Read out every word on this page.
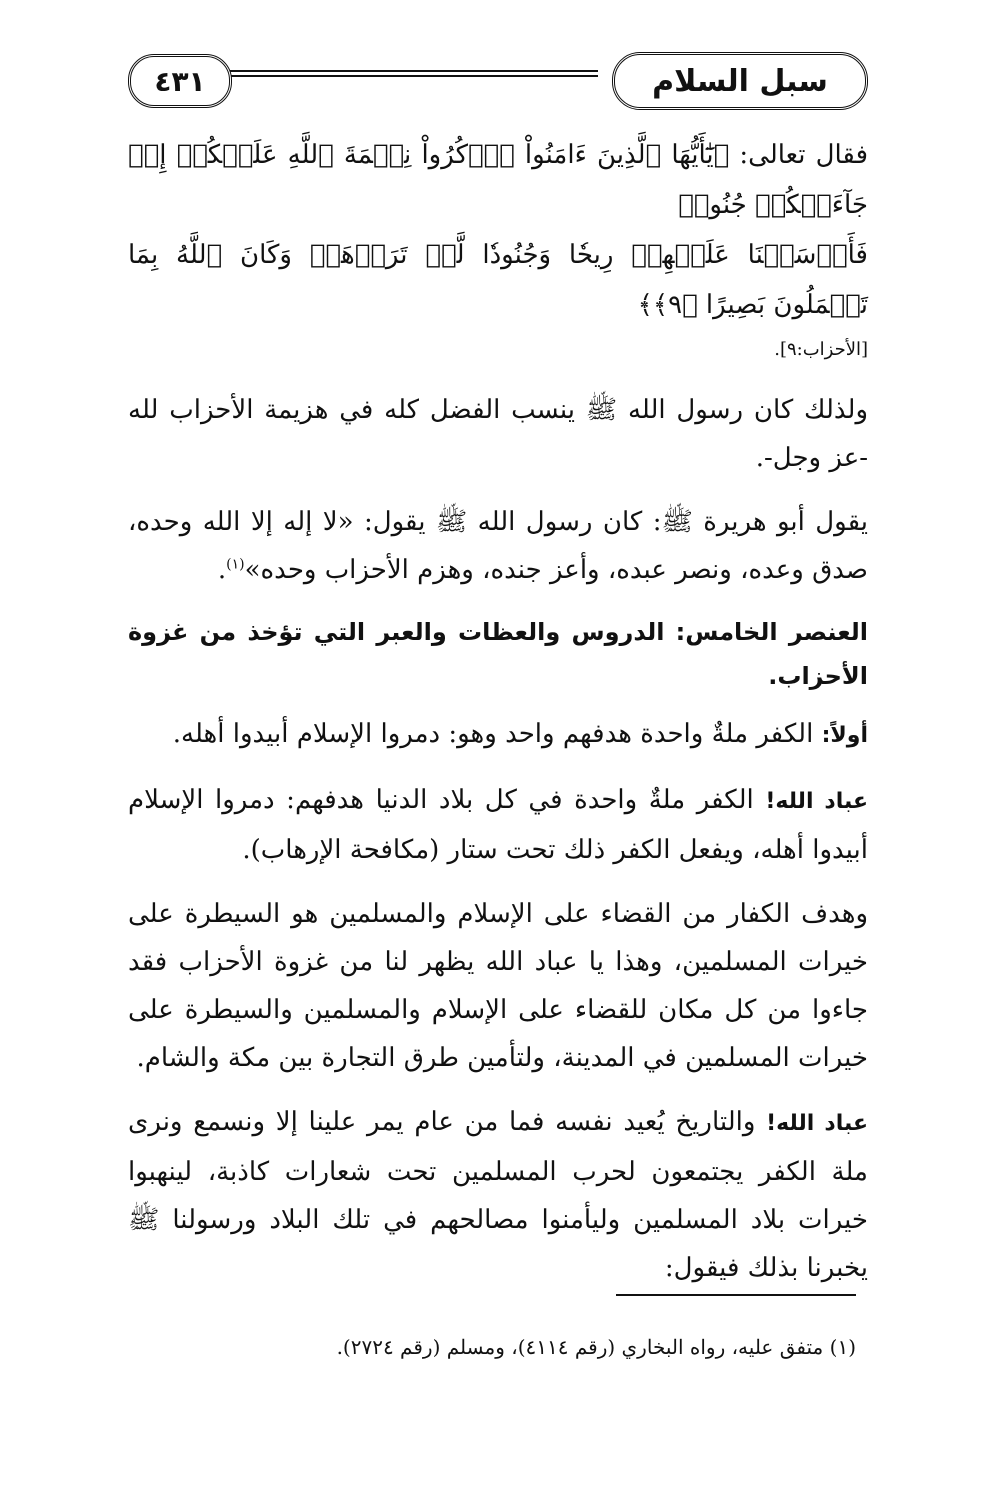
سبل السلام
٤٣١

فقال تعالى: ﴿يَٰٓأَيُّهَا ٱلَّذِينَ ءَامَنُواْ ٱذۡكُرُواْ نِعۡمَةَ ٱللَّهِ عَلَيۡكُمۡ إِذۡ جَآءَتۡكُمۡ جُنُودٞ

فَأَرۡسَلۡنَا عَلَيۡهِمۡ رِيحٗا وَجُنُودٗا لَّمۡ تَرَوۡهَاۚ وَكَانَ ٱللَّهُ بِمَا تَعۡمَلُونَ بَصِيرًا ﴿٩﴾﴾

[الأحزاب:٩].

ولذلك كان رسول الله ﷺ ينسب الفضل كله في هزيمة الأحزاب لله -عز وجل-.

يقول أبو هريرة ﷺ: كان رسول الله ﷺ يقول: «لا إله إلا الله وحده، صدق وعده، ونصر عبده، وأعز جنده، وهزم الأحزاب وحده»$^{(١)}$.

العنصر الخامس: الدروس والعظات والعبر التي تؤخذ من غزوة الأحزاب.

أولاً: الكفر ملةٌ واحدة هدفهم واحد وهو: دمروا الإسلام أبيدوا أهله.

عباد الله! الكفر ملةٌ واحدة في كل بلاد الدنيا هدفهم: دمروا الإسلام أبيدوا أهله، ويفعل الكفر ذلك تحت ستار (مكافحة الإرهاب).

وهدف الكفار من القضاء على الإسلام والمسلمين هو السيطرة على خيرات المسلمين، وهذا يا عباد الله يظهر لنا من غزوة الأحزاب فقد جاءوا من كل مكان للقضاء على الإسلام والمسلمين والسيطرة على خيرات المسلمين في المدينة، ولتأمين طرق التجارة بين مكة والشام.

عباد الله! والتاريخ يُعيد نفسه فما من عام يمر علينا إلا ونسمع ونرى ملة الكفر يجتمعون لحرب المسلمين تحت شعارات كاذبة، لينهبوا خيرات بلاد المسلمين وليأمنوا مصالحهم في تلك البلاد ورسولنا ﷺ يخبرنا بذلك فيقول:

(١) متفق عليه، رواه البخاري (رقم ٤١١٤)، ومسلم (رقم ٢٧٢٤).
